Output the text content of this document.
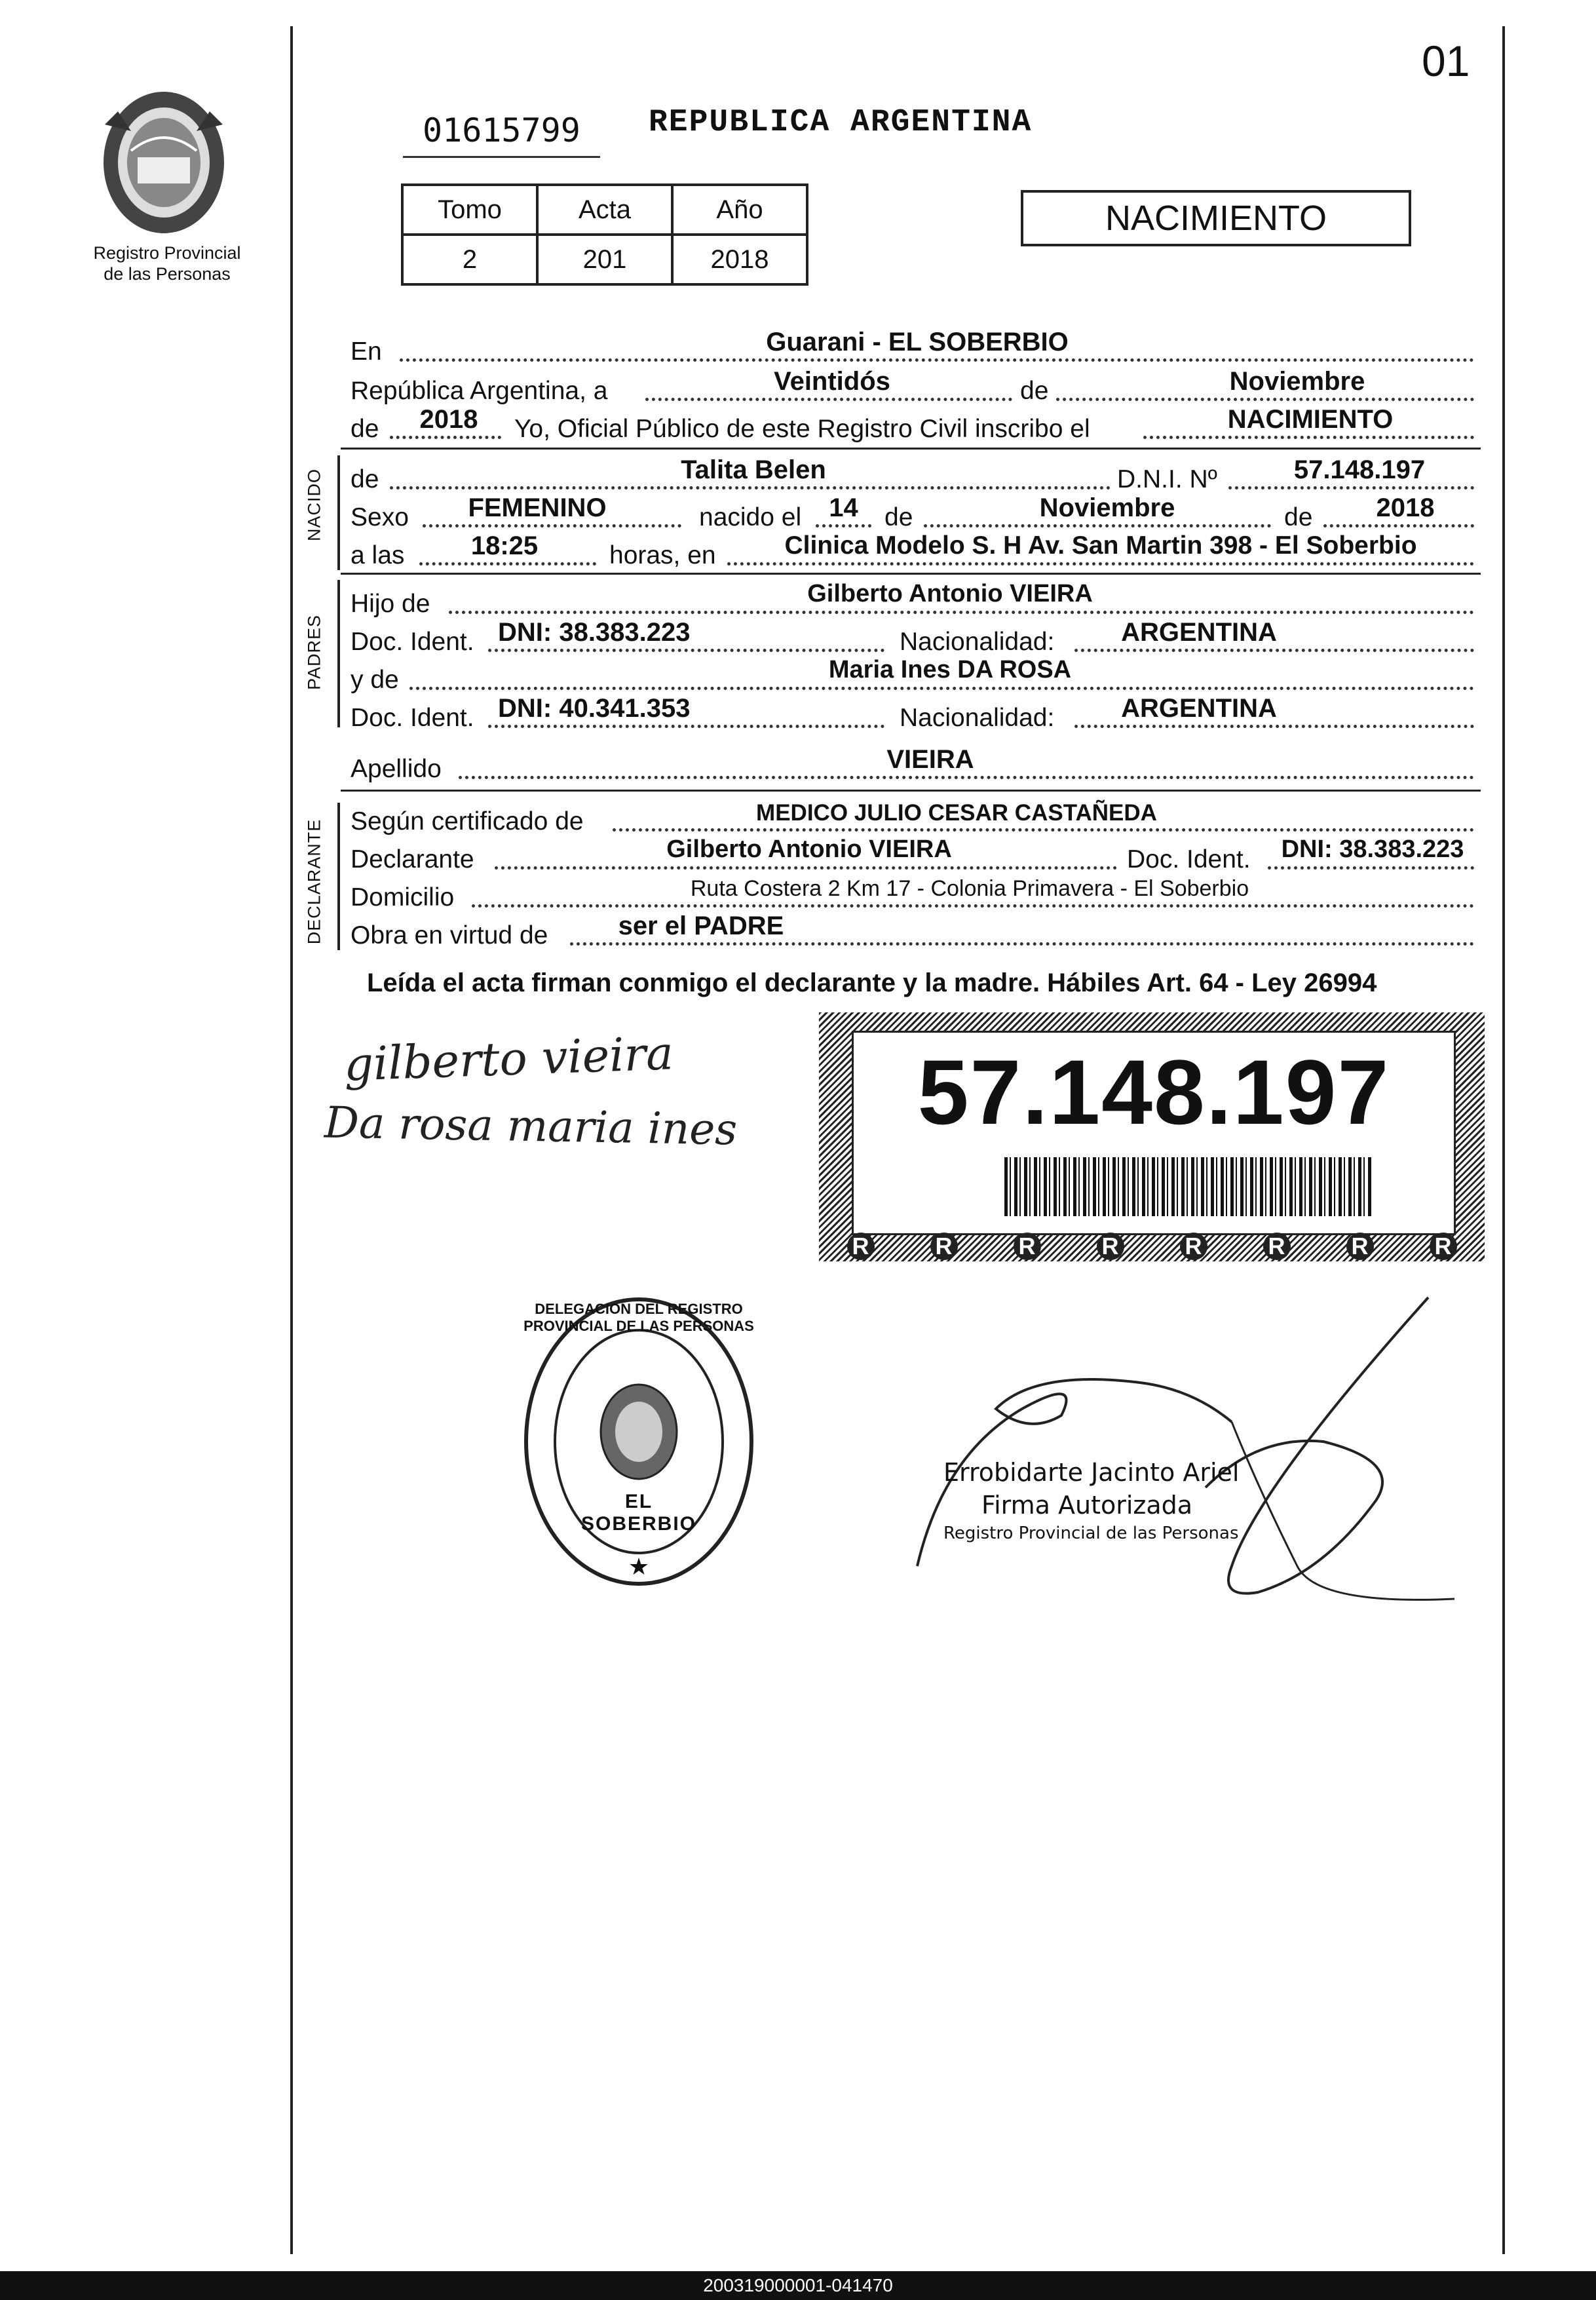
01
Registro Provincial
de las Personas
01615799	REPUBLICA ARGENTINA
Tomo	Acta	Año
2	201	2018
NACIMIENTO
En	Guarani - EL SOBERBIO
República Argentina, a	Veintidós	de	Noviembre
de	2018	Yo, Oficial Público de este Registro Civil inscribo el	NACIMIENTO
NACIDO de	Talita Belen	D.N.I. Nº	57.148.197
Sexo	FEMENINO	nacido el	14	de	Noviembre	de	2018
a las	18:25	horas, en	Clinica Modelo S. H Av. San Martin 398 - El Soberbio
PADRES
Hijo de	Gilberto Antonio VIEIRA
Doc. Ident. DNI: 38.383.223	Nacionalidad:	ARGENTINA
y de	Maria Ines DA ROSA
Doc. Ident. DNI: 40.341.353	Nacionalidad:	ARGENTINA
Apellido	VIEIRA
DECLARANTE Según certificado de	MEDICO JULIO CESAR CASTAÑEDA
Declarante	Gilberto Antonio VIEIRA	Doc. Ident.	DNI: 38.383.223
Domicilio	Ruta Costera 2 Km 17 - Colonia Primavera - El Soberbio
Obra en virtud de	ser el PADRE
Leída el acta firman conmigo el declarante y la madre. Hábiles Art. 64 - Ley 26994
gilberto vieira
Da rosa maria ines	57.148.197
R	R	R	R	R	R	R	R
DELEGACION DEL REGISTRO PROVINCIAL DE LAS PERSONAS
EL SOBERBIO
★
Errobidarte Jacinto Ariel
Firma Autorizada
Registro Provincial de las Personas
200319000001-041470
